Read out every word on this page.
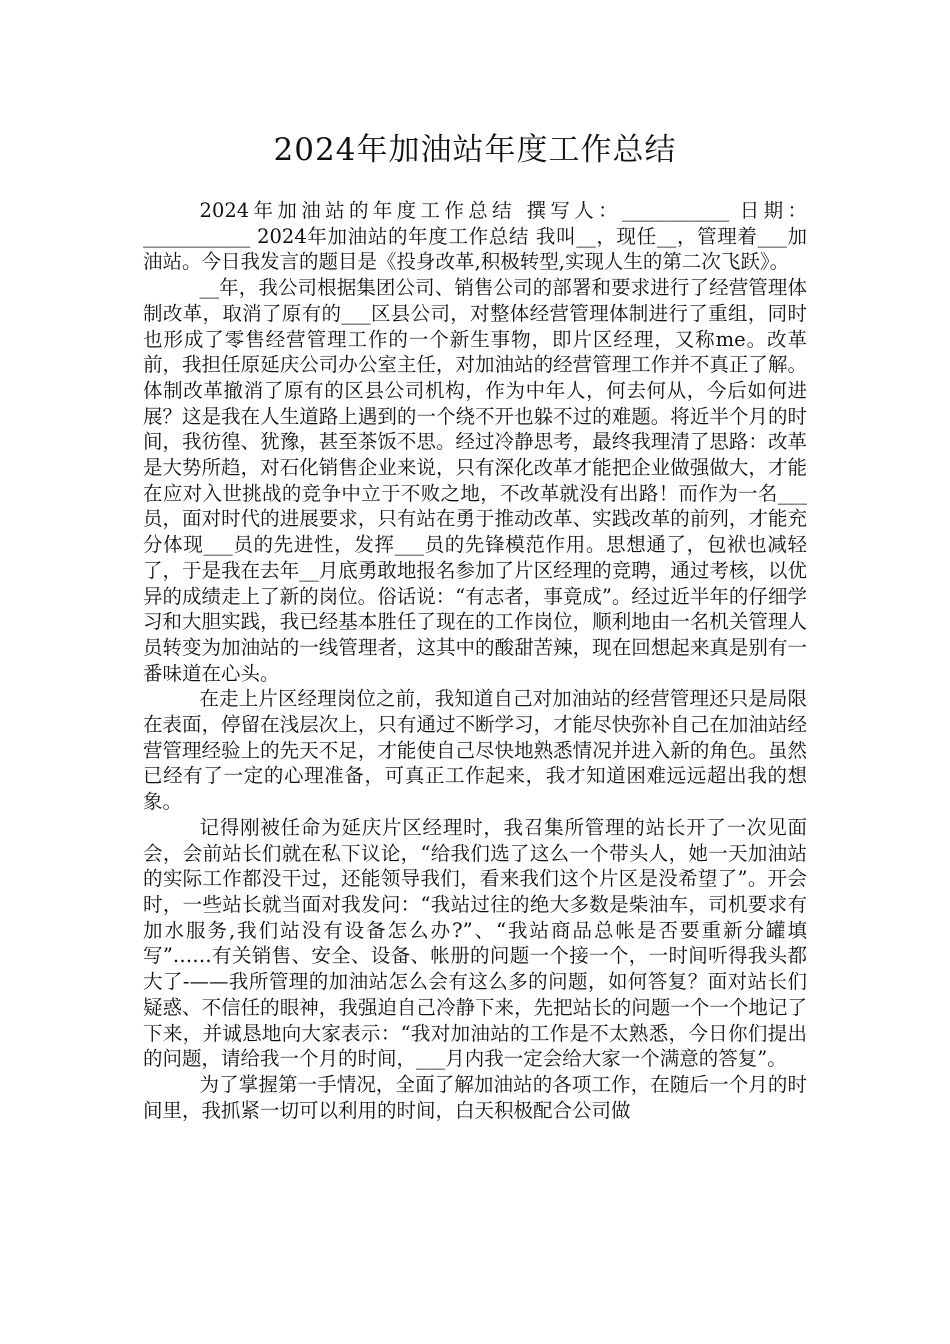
2024年加油站年度工作总结

2024年加油站的年度工作总结 撰写人：___________ 日期：___________ 2024年加油站的年度工作总结 我叫__，现任__，管理着___加油站。今日我发言的题目是《投身改革,积极转型,实现人生的第二次飞跃》。

__年，我公司根据集团公司、销售公司的部署和要求进行了经营管理体制改革，取消了原有的___区县公司，对整体经营管理体制进行了重组，同时也形成了零售经营管理工作的一个新生事物，即片区经理，又称me。改革前，我担任原延庆公司办公室主任，对加油站的经营管理工作并不真正了解。体制改革撤消了原有的区县公司机构，作为中年人，何去何从，今后如何进展？这是我在人生道路上遇到的一个绕不开也躲不过的难题。将近半个月的时间，我彷徨、犹豫，甚至茶饭不思。经过冷静思考，最终我理清了思路：改革是大势所趋，对石化销售企业来说，只有深化改革才能把企业做强做大，才能在应对入世挑战的竞争中立于不败之地，不改革就没有出路！而作为一名___员，面对时代的进展要求，只有站在勇于推动改革、实践改革的前列，才能充分体现___员的先进性，发挥___员的先锋模范作用。思想通了，包袱也减轻了，于是我在去年__月底勇敢地报名参加了片区经理的竞聘，通过考核，以优异的成绩走上了新的岗位。俗话说：“有志者，事竟成”。经过近半年的仔细学习和大胆实践，我已经基本胜任了现在的工作岗位，顺利地由一名机关管理人员转变为加油站的一线管理者，这其中的酸甜苦辣，现在回想起来真是别有一番味道在心头。

在走上片区经理岗位之前，我知道自己对加油站的经营管理还只是局限在表面，停留在浅层次上，只有通过不断学习，才能尽快弥补自己在加油站经营管理经验上的先天不足，才能使自己尽快地熟悉情况并进入新的角色。虽然已经有了一定的心理准备，可真正工作起来，我才知道困难远远超出我的想象。

记得刚被任命为延庆片区经理时，我召集所管理的站长开了一次见面会，会前站长们就在私下议论，“给我们选了这么一个带头人，她一天加油站的实际工作都没干过，还能领导我们，看来我们这个片区是没希望了”。开会时，一些站长就当面对我发问：“我站过往的绝大多数是柴油车，司机要求有加水服务,我们站没有设备怎么办?”、“我站商品总帐是否要重新分罐填写”……有关销售、安全、设备、帐册的问题一个接一个，一时间听得我头都大了-——我所管理的加油站怎么会有这么多的问题，如何答复？面对站长们疑惑、不信任的眼神，我强迫自己冷静下来，先把站长的问题一个一个地记了下来，并诚恳地向大家表示：“我对加油站的工作是不太熟悉，今日你们提出的问题，请给我一个月的时间，___月内我一定会给大家一个满意的答复”。

为了掌握第一手情况，全面了解加油站的各项工作，在随后一个月的时间里，我抓紧一切可以利用的时间，白天积极配合公司做
